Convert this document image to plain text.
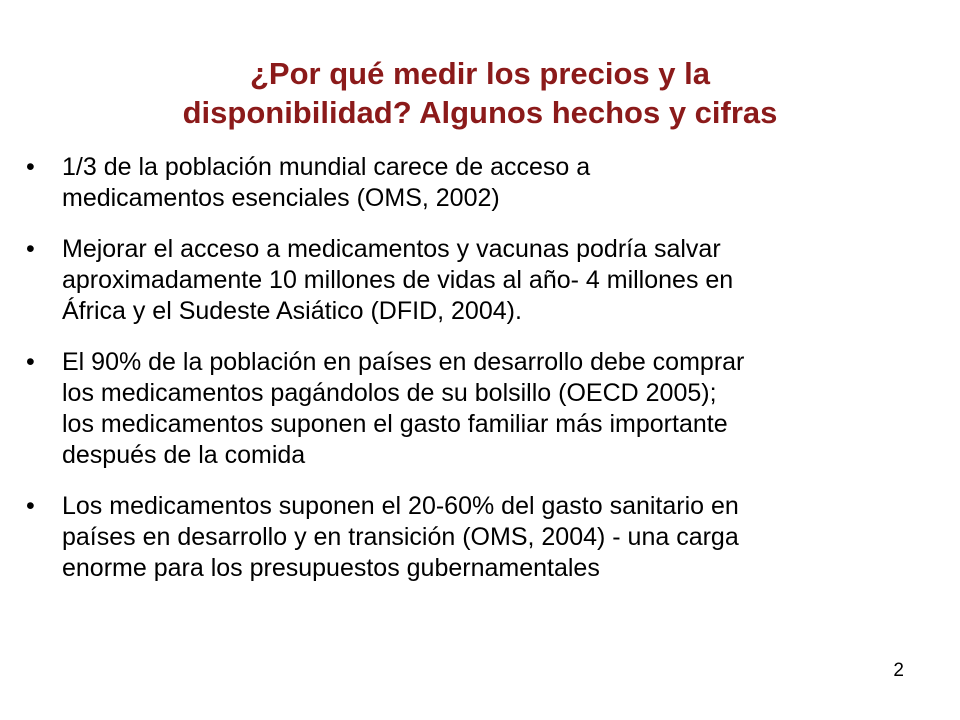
¿Por qué medir los precios y la
disponibilidad? Algunos hechos y cifras
• 1/3 de la población mundial carece de acceso a
medicamentos esenciales (OMS, 2002)
• Mejorar el acceso a medicamentos y vacunas podría salvar
aproximadamente 10 millones de vidas al año- 4 millones en
África y el Sudeste Asiático (DFID, 2004).
• El 90% de la población en países en desarrollo debe comprar
los medicamentos pagándolos de su bolsillo (OECD 2005);
los medicamentos suponen el gasto familiar más importante
después de la comida
• Los medicamentos suponen el 20-60% del gasto sanitario en
países en desarrollo y en transición (OMS, 2004) - una carga
enorme para los presupuestos gubernamentales
2
